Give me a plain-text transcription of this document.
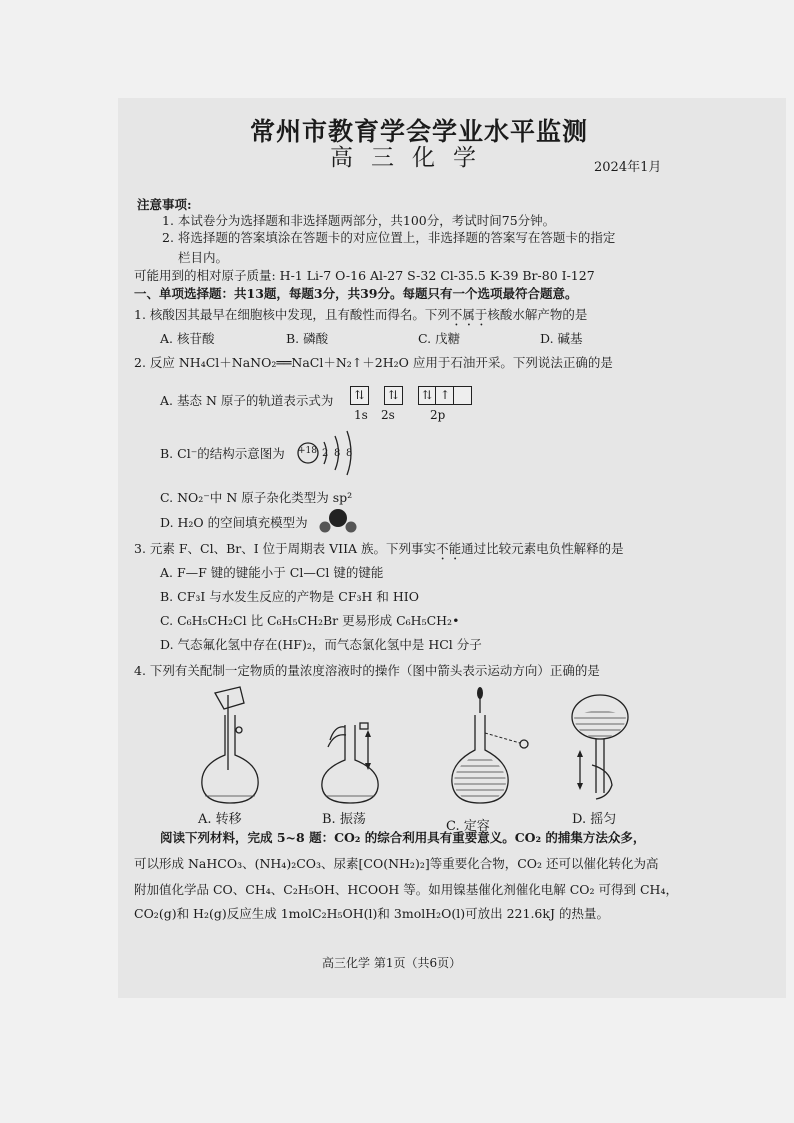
常州市教育学会学业水平监测
高三化学	2024年1月
注意事项:
1. 本试卷分为选择题和非选择题两部分，共100分，考试时间75分钟。
2. 将选择题的答案填涂在答题卡的对应位置上，非选择题的答案写在答题卡的指定
栏目内。
可能用到的相对原子质量: H-1 Li-7 O-16 Al-27 S-32 Cl-35.5 K-39 Br-80 I-127
一、单项选择题：共13题，每题3分，共39分。每题只有一个选项最符合题意。
1. 核酸因其最早在细胞核中发现，且有酸性而得名。下列不属于核酸水解产物的是
A. 核苷酸	B. 磷酸	C. 戊糖	D. 碱基
2. 反应 NH₄Cl＋NaNO₂══NaCl＋N₂↑＋2H₂O 应用于石油开采。下列说法正确的是
A. 基态 N 原子的轨道表示式为	⇅ ⇅ ⇅ ↑
1s 2s	2p
B. Cl⁻的结构示意图为 +18 2 8 8
C. NO₂⁻中 N 原子杂化类型为 sp²
D. H₂O 的空间填充模型为
3. 元素 F、Cl、Br、I 位于周期表 VIIA 族。下列事实不能通过比较元素电负性解释的是
A. F—F 键的键能小于 Cl—Cl 键的键能
B. CF₃I 与水发生反应的产物是 CF₃H 和 HIO
C. C₆H₅CH₂Cl 比 C₆H₅CH₂Br 更易形成 C₆H₅CH₂•
D. 气态氟化氢中存在(HF)₂，而气态氯化氢中是 HCl 分子
4. 下列有关配制一定物质的量浓度溶液时的操作（图中箭头表示运动方向）正确的是
A. 转移	B. 振荡	C. 定容	D. 摇匀
阅读下列材料，完成 5~8 题：CO₂ 的综合利用具有重要意义。CO₂ 的捕集方法众多，
可以形成 NaHCO₃、(NH₄)₂CO₃、尿素[CO(NH₂)₂]等重要化合物，CO₂ 还可以催化转化为高
附加值化学品 CO、CH₄、C₂H₅OH、HCOOH 等。如用镍基催化剂催化电解 CO₂ 可得到 CH₄，
CO₂(g)和 H₂(g)反应生成 1molC₂H₅OH(l)和 3molH₂O(l)可放出 221.6kJ 的热量。
高三化学 第1页（共6页）
